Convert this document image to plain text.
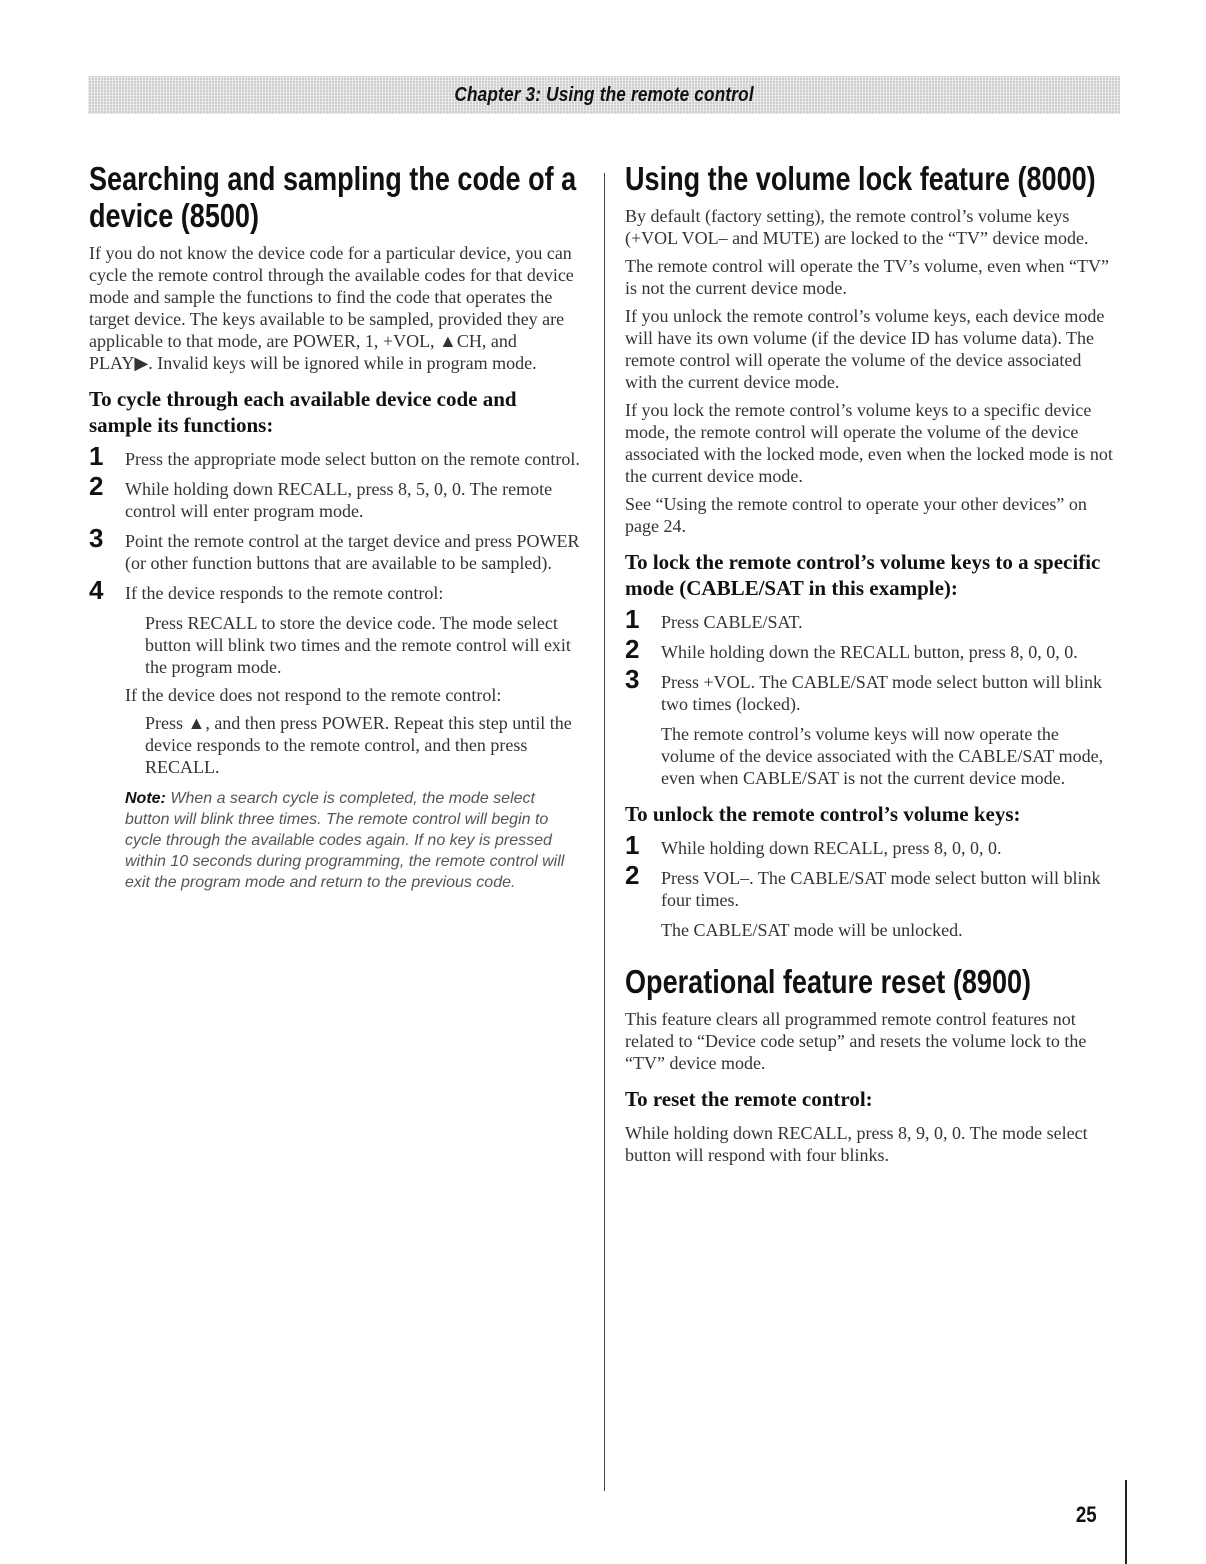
Chapter 3: Using the remote control
Searching and sampling the code of a device (8500)

If you do not know the device code for a particular device, you can cycle the remote control through the available codes for that device mode and sample the functions to find the code that operates the target device. The keys available to be sampled, provided they are applicable to that mode, are POWER, 1, +VOL, ▲CH, and PLAY▶. Invalid keys will be ignored while in program mode.

To cycle through each available device code and sample its functions:
1 Press the appropriate mode select button on the remote control.
2 While holding down RECALL, press 8, 5, 0, 0. The remote control will enter program mode.
3 Point the remote control at the target device and press POWER (or other function buttons that are available to be sampled).
4 If the device responds to the remote control:
Press RECALL to store the device code. The mode select button will blink two times and the remote control will exit the program mode.
If the device does not respond to the remote control:
Press ▲, and then press POWER. Repeat this step until the device responds to the remote control, and then press RECALL.
Note: When a search cycle is completed, the mode select button will blink three times. The remote control will begin to cycle through the available codes again. If no key is pressed within 10 seconds during programming, the remote control will exit the program mode and return to the previous code.
Using the volume lock feature (8000)

By default (factory setting), the remote control’s volume keys (+VOL VOL– and MUTE) are locked to the “TV” device mode.

The remote control will operate the TV’s volume, even when “TV” is not the current device mode.

If you unlock the remote control’s volume keys, each device mode will have its own volume (if the device ID has volume data). The remote control will operate the volume of the device associated with the current device mode.

If you lock the remote control’s volume keys to a specific device mode, the remote control will operate the volume of the device associated with the locked mode, even when the locked mode is not the current device mode.

See “Using the remote control to operate your other devices” on page 24.

To lock the remote control’s volume keys to a specific mode (CABLE/SAT in this example):
1 Press CABLE/SAT.
2 While holding down the RECALL button, press 8, 0, 0, 0.
3 Press +VOL. The CABLE/SAT mode select button will blink two times (locked).
The remote control’s volume keys will now operate the volume of the device associated with the CABLE/SAT mode, even when CABLE/SAT is not the current device mode.
To unlock the remote control’s volume keys:
1 While holding down RECALL, press 8, 0, 0, 0.
2 Press VOL–. The CABLE/SAT mode select button will blink four times.
The CABLE/SAT mode will be unlocked.
Operational feature reset (8900)

This feature clears all programmed remote control features not related to “Device code setup” and resets the volume lock to the “TV” device mode.

To reset the remote control:

While holding down RECALL, press 8, 9, 0, 0. The mode select button will respond with four blinks.

25
